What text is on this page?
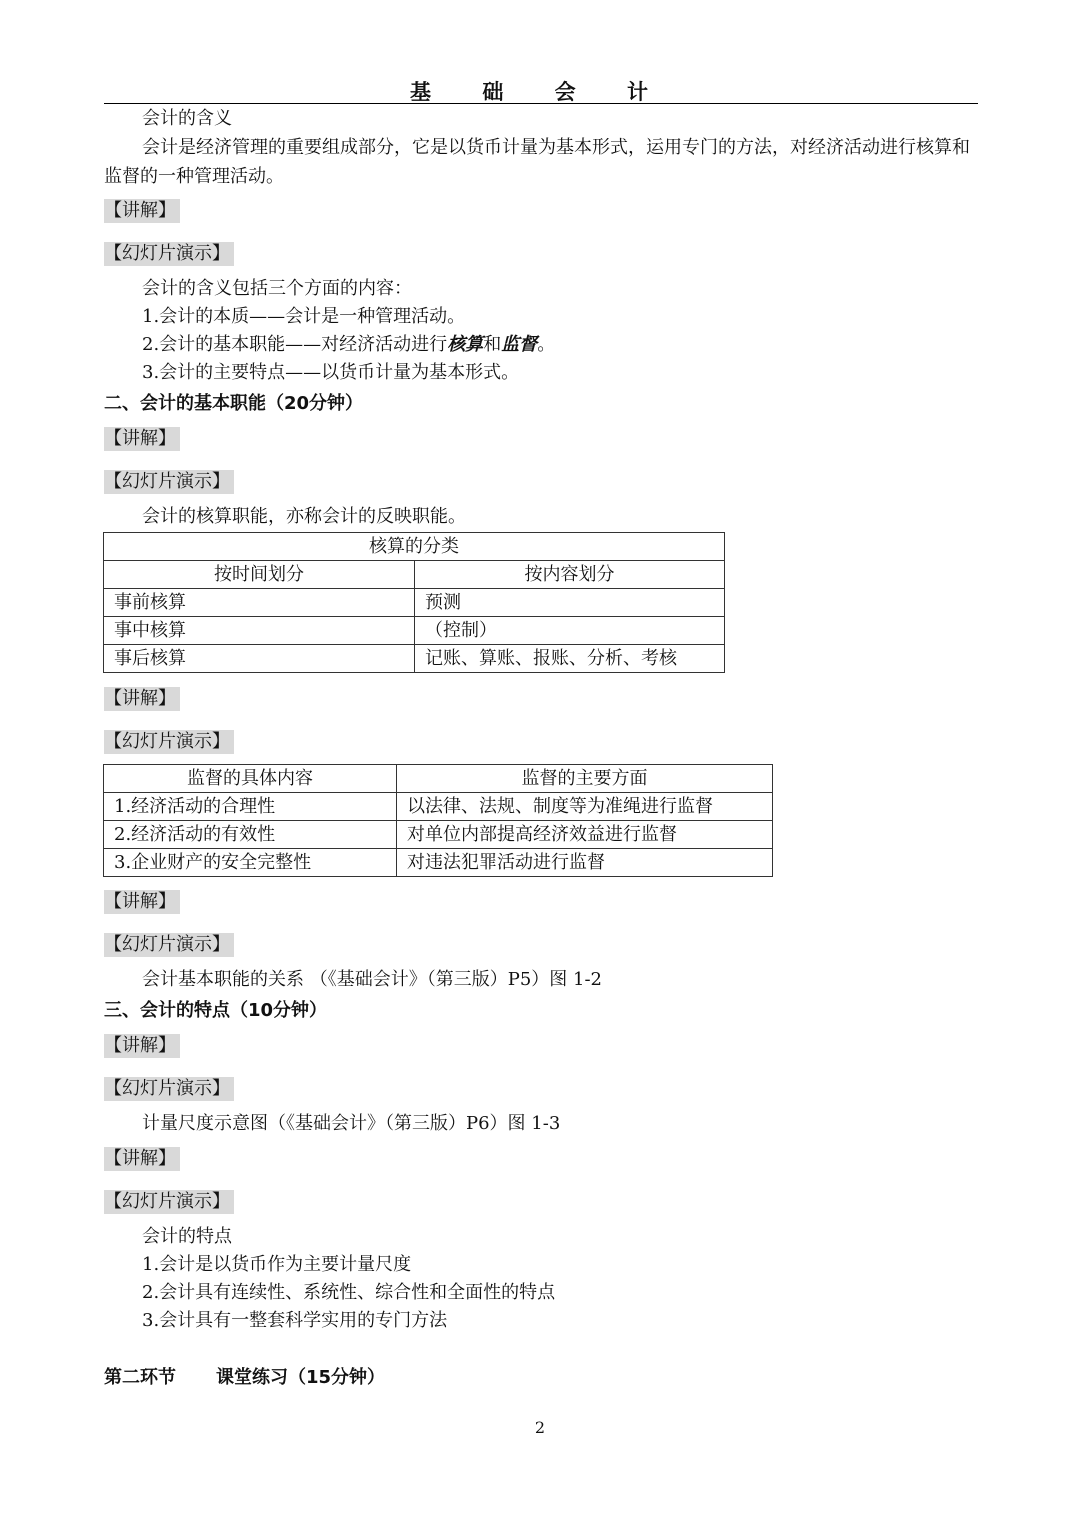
基 础 会 计
会计的含义
会计是经济管理的重要组成部分，它是以货币计量为基本形式，运用专门的方法，对经济活动进行核算和监督的一种管理活动。
【讲解】
【幻灯片演示】
会计的含义包括三个方面的内容：
1.会计的本质——会计是一种管理活动。
2.会计的基本职能——对经济活动进行核算和监督。
3.会计的主要特点——以货币计量为基本形式。
二、会计的基本职能（20分钟）
【讲解】
【幻灯片演示】
会计的核算职能，亦称会计的反映职能。
核算的分类	
按时间划分	按内容划分
事前核算	预测
事中核算	（控制）
事后核算	记账、算账、报账、分析、考核
【讲解】
【幻灯片演示】
监督的具体内容	监督的主要方面
1.经济活动的合理性	以法律、法规、制度等为准绳进行监督
2.经济活动的有效性	对单位内部提高经济效益进行监督
3.企业财产的安全完整性	对违法犯罪活动进行监督
【讲解】
【幻灯片演示】
会计基本职能的关系 （《基础会计》（第三版）P5）图 1-2
三、会计的特点（10分钟）
【讲解】
【幻灯片演示】
计量尺度示意图（《基础会计》（第三版）P6）图 1-3
【讲解】
【幻灯片演示】
会计的特点
1.会计是以货币作为主要计量尺度
2.会计具有连续性、系统性、综合性和全面性的特点
3.会计具有一整套科学实用的专门方法
第二环节 课堂练习（15分钟）
2
